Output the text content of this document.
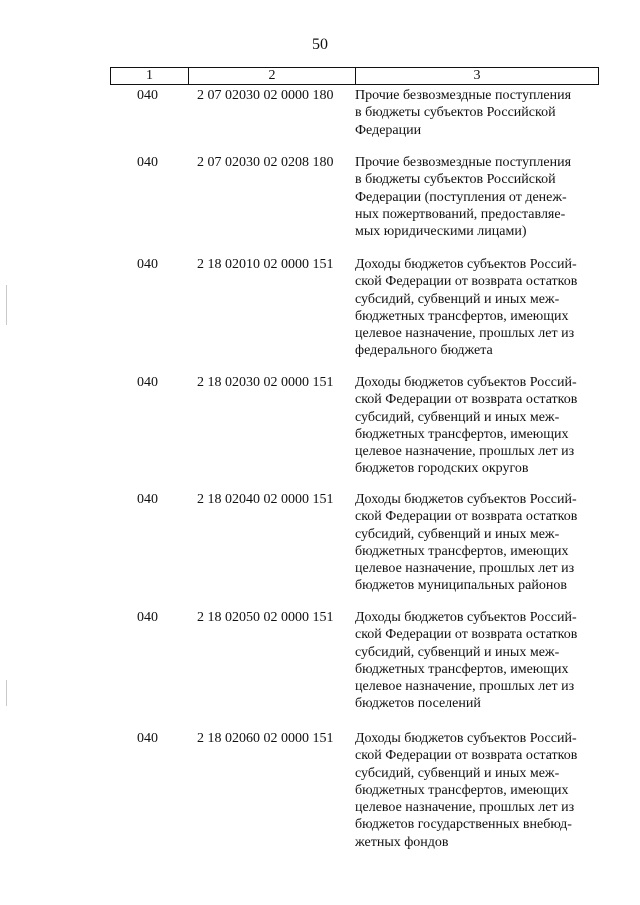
50
1	2	3
040	2 07 02030 02 0000 180 Прочие безвозмездные поступления
в бюджеты субъектов Российской
Федерации
040	2 07 02030 02 0208 180 Прочие безвозмездные поступления
в бюджеты субъектов Российской
Федерации (поступления от денеж-
ных пожертвований, предоставляе-
мых юридическими лицами)
040	2 18 02010 02 0000 151 Доходы бюджетов субъектов Россий-
ской Федерации от возврата остатков
субсидий, субвенций и иных меж-
бюджетных трансфертов, имеющих
целевое назначение, прошлых лет из
федерального бюджета
040	2 18 02030 02 0000 151 Доходы бюджетов субъектов Россий-
ской Федерации от возврата остатков
субсидий, субвенций и иных меж-
бюджетных трансфертов, имеющих
целевое назначение, прошлых лет из
бюджетов городских округов
040	2 18 02040 02 0000 151 Доходы бюджетов субъектов Россий-
ской Федерации от возврата остатков
субсидий, субвенций и иных меж-
бюджетных трансфертов, имеющих
целевое назначение, прошлых лет из
бюджетов муниципальных районов
040	2 18 02050 02 0000 151 Доходы бюджетов субъектов Россий-
ской Федерации от возврата остатков
субсидий, субвенций и иных меж-
бюджетных трансфертов, имеющих
целевое назначение, прошлых лет из
бюджетов поселений
040	2 18 02060 02 0000 151 Доходы бюджетов субъектов Россий-
ской Федерации от возврата остатков
субсидий, субвенций и иных меж-
бюджетных трансфертов, имеющих
целевое назначение, прошлых лет из
бюджетов государственных внебюд-
жетных фондов
